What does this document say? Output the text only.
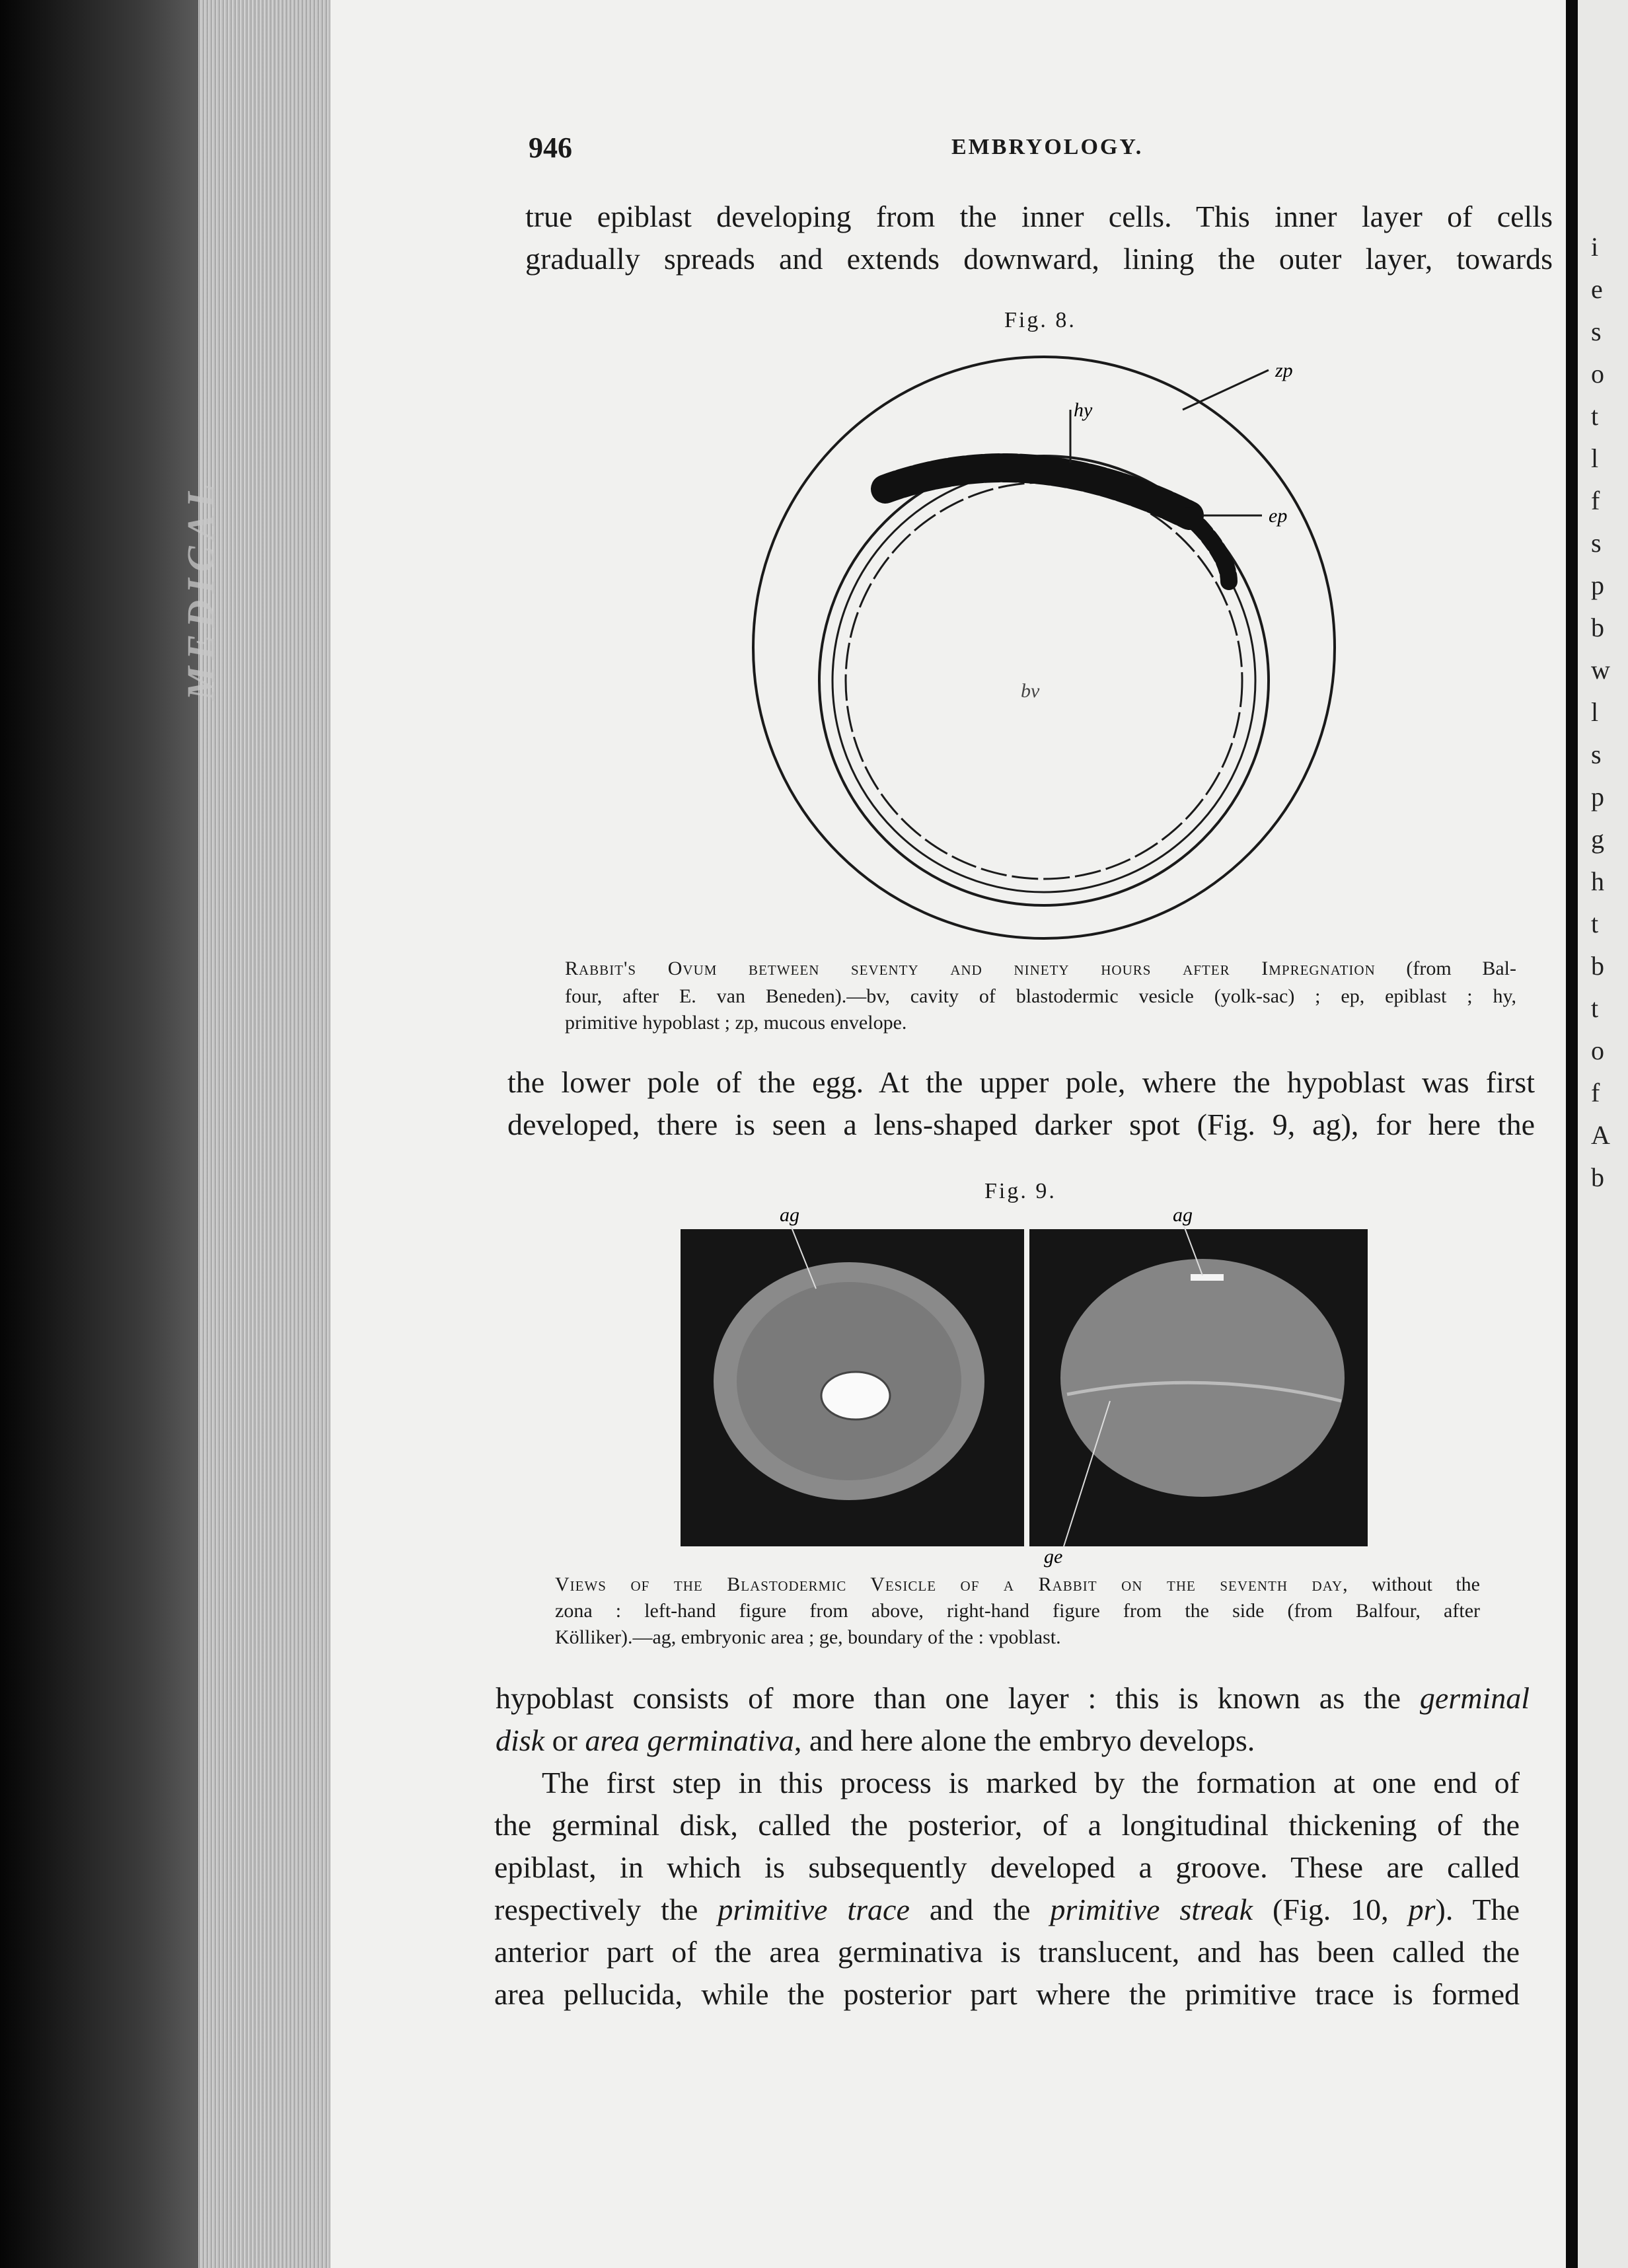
MEDICAL
i
e
s
o
t
l
f
s
p
b
w
l
s
p
g
h
t
b
t
o
f
A
b
946	EMBRYOLOGY.
true epiblast developing from the inner cells. This inner layer of cells
gradually spreads and extends downward, lining the outer layer, towards
Fig. 8.
zp
hy
ep
bv
Rabbit's Ovum between seventy and ninety hours after Impregnation (from Bal-
four, after E. van Beneden).—bv, cavity of blastodermic vesicle (yolk-sac) ; ep, epiblast ; hy,
primitive hypoblast ; zp, mucous envelope.
the lower pole of the egg. At the upper pole, where the hypoblast was first
developed, there is seen a lens-shaped darker spot (Fig. 9, ag), for here the
Fig. 9.
ag	ag
ge
Views of the Blastodermic Vesicle of a Rabbit on the seventh day, without the
zona : left-hand figure from above, right-hand figure from the side (from Balfour, after
Kölliker).—ag, embryonic area ; ge, boundary of the : vpoblast.
hypoblast consists of more than one layer : this is known as the germinal
disk or area germinativa, and here alone the embryo develops.
The first step in this process is marked by the formation at one end of
the germinal disk, called the posterior, of a longitudinal thickening of the
epiblast, in which is subsequently developed a groove. These are called
respectively the primitive trace and the primitive streak (Fig. 10, pr). The
anterior part of the area germinativa is translucent, and has been called the
area pellucida, while the posterior part where the primitive trace is formed
